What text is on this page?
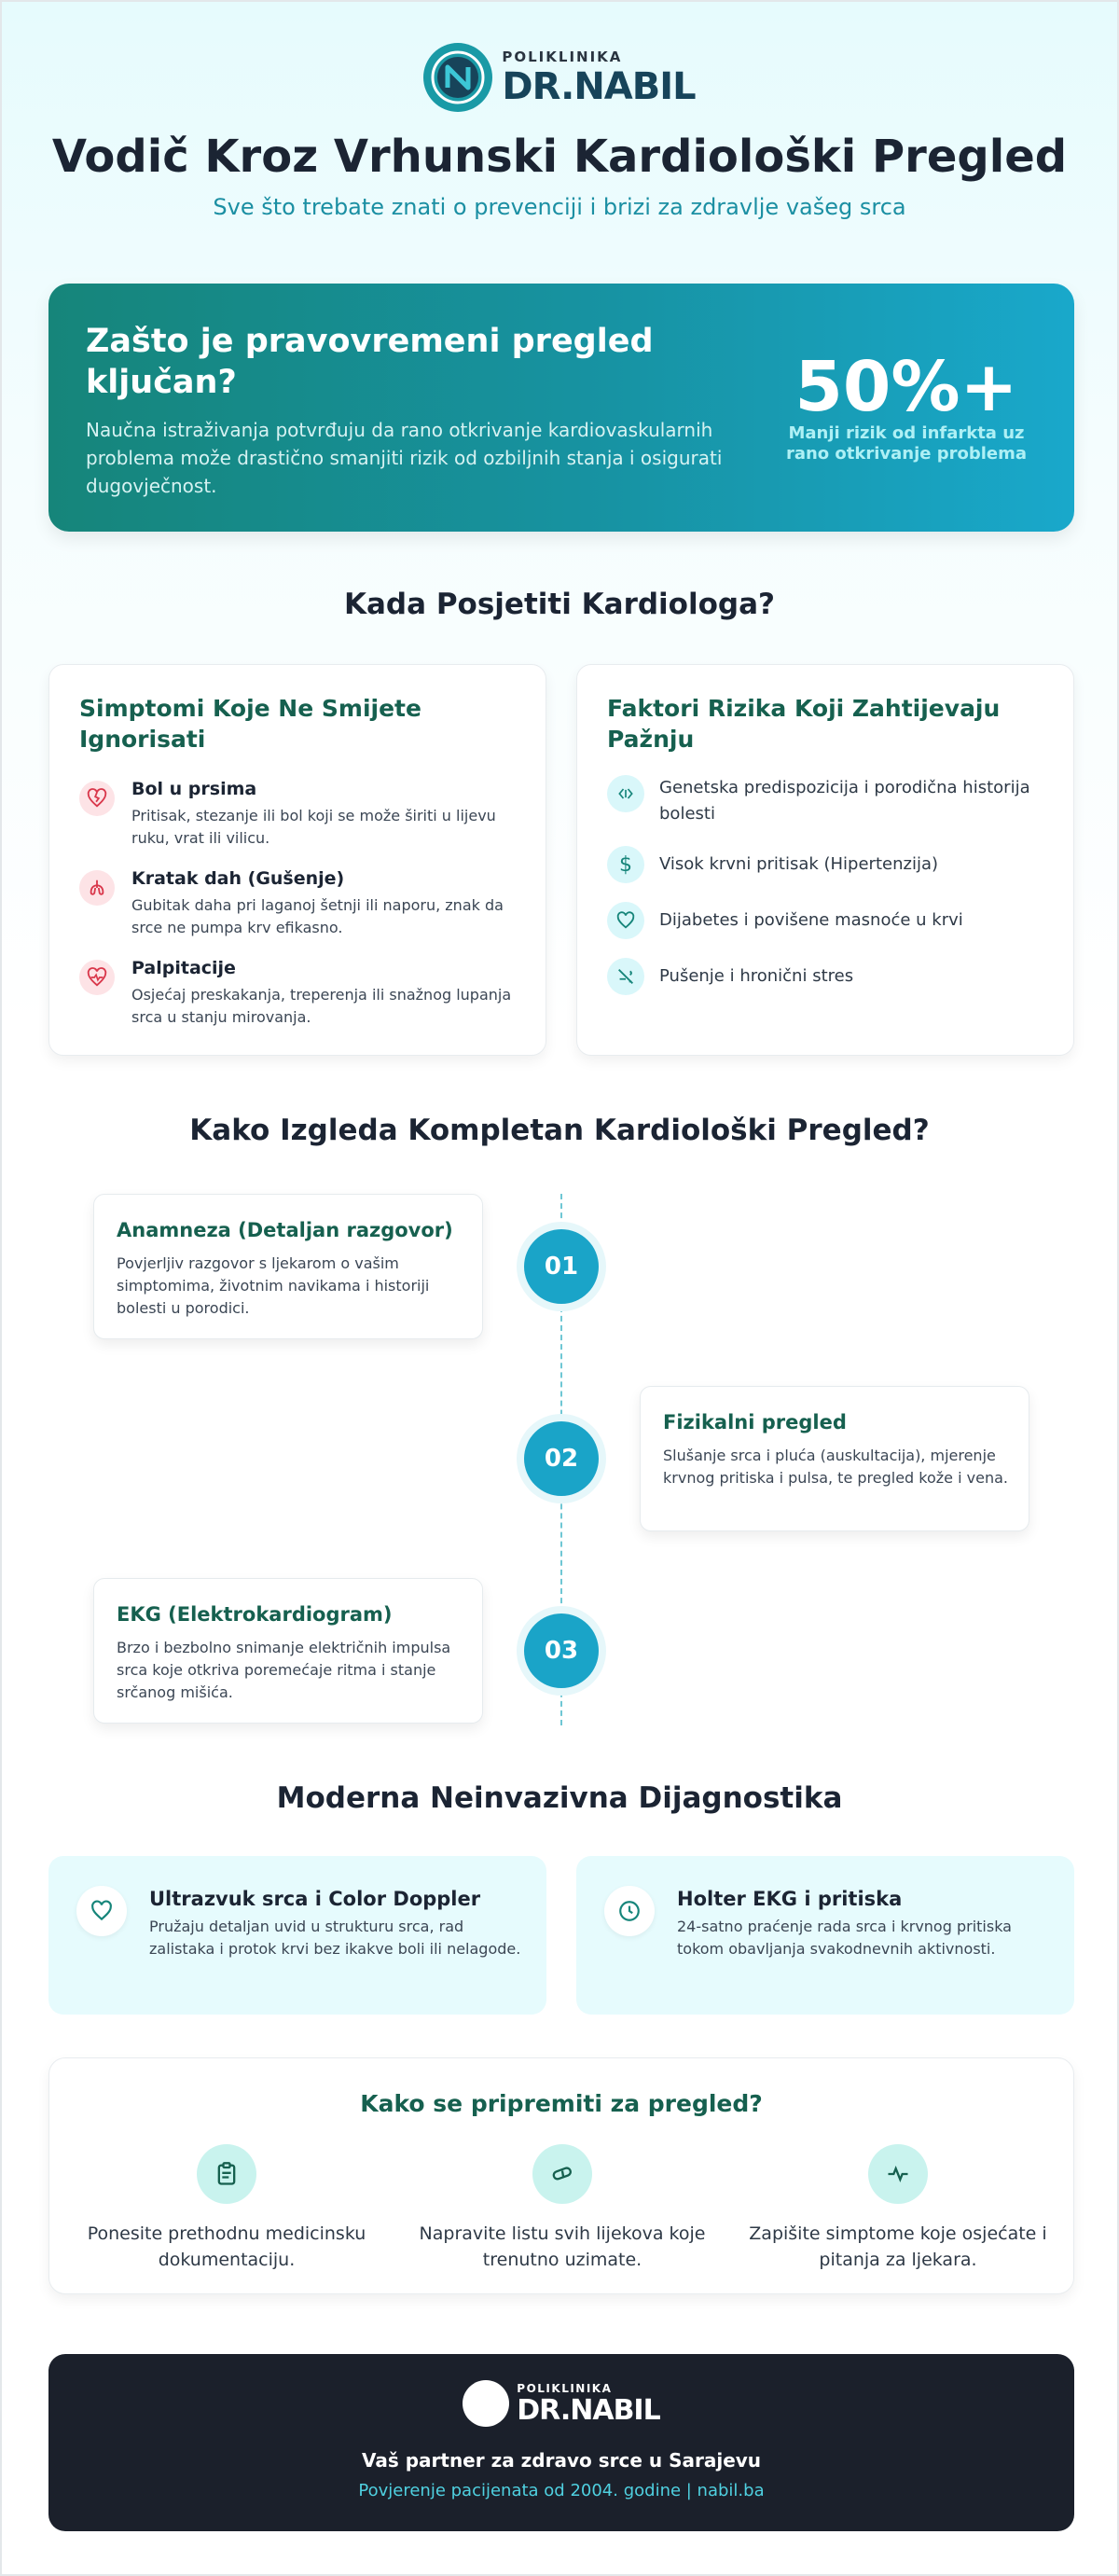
POLIKLINIKA
DR.NABIL
Vodič Kroz Vrhunski Kardiološki Pregled
Sve što trebate znati o prevenciji i brizi za zdravlje vašeg srca
Zašto je pravovremeni pregled ključan?

Naučna istraživanja potvrđuju da rano otkrivanje kardiovaskularnih problema može drastično smanjiti rizik od ozbiljnih stanja i osigurati dugovječnost.

50%+
Manji rizik od infarkta uz rano otkrivanje problema
Kada Posjetiti Kardiologa?
Simptomi Koje Ne Smijete Ignorisati
Bol u prsima
Pritisak, stezanje ili bol koji se može širiti u lijevu ruku, vrat ili vilicu.
Kratak dah (Gušenje)
Gubitak daha pri laganoj šetnji ili naporu, znak da srce ne pumpa krv efikasno.
Palpitacije
Osjećaj preskakanja, treperenja ili snažnog lupanja srca u stanju mirovanja.
Faktori Rizika Koji Zahtijevaju Pažnju
Genetska predispozicija i porodična historija bolesti
$ Visok krvni pritisak (Hipertenzija)
Dijabetes i povišene masnoće u krvi
Pušenje i hronični stres
Kako Izgleda Kompletan Kardiološki Pregled?
Anamneza (Detaljan razgovor)

Povjerljiv razgovor s ljekarom o vašim simptomima, životnim navikama i historiji bolesti u porodici.

01
Fizikalni pregled

Slušanje srca i pluća (auskultacija), mjerenje krvnog pritiska i pulsa, te pregled kože i vena.

02
EKG (Elektrokardiogram)

Brzo i bezbolno snimanje električnih impulsa srca koje otkriva poremećaje ritma i stanje srčanog mišića.

03
Moderna Neinvazivna Dijagnostika
Ultrazvuk srca i Color Doppler

Pružaju detaljan uvid u strukturu srca, rad zalistaka i protok krvi bez ikakve boli ili nelagode.

Holter EKG i pritiska

24-satno praćenje rada srca i krvnog pritiska tokom obavljanja svakodnevnih aktivnosti.

Kako se pripremiti za pregled?
Ponesite prethodnu medicinsku dokumentaciju.
Napravite listu svih lijekova koje trenutno uzimate.
Zapišite simptome koje osjećate i pitanja za ljekara.
POLIKLINIKA
DR.NABIL
Vaš partner za zdravo srce u Sarajevu
Povjerenje pacijenata od 2004. godine | nabil.ba
